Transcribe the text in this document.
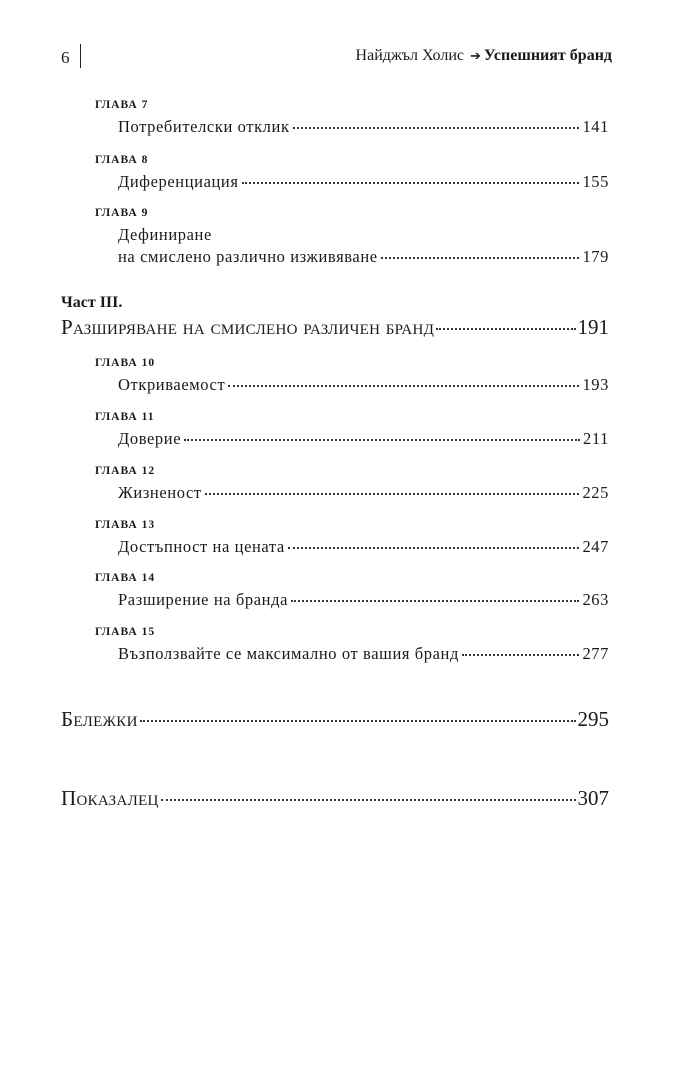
6	Найджъл Холис ➔ Успешният бранд
ГЛАВА 7
Потребителски отклик	141
ГЛАВА 8
Диференциация	155
ГЛАВА 9
Дефиниране
на смислено различно изживяване	179
Част III.
Разширяване на смислено различен бранд	191
ГЛАВА 10
Откриваемост	193
ГЛАВА 11
Доверие	211
ГЛАВА 12
Жизненост	225
ГЛАВА 13
Достъпност на цената	247
ГЛАВА 14
Разширение на бранда	263
ГЛАВА 15
Възползвайте се максимално от вашия бранд	277
Бележки	295
Показалец	307
